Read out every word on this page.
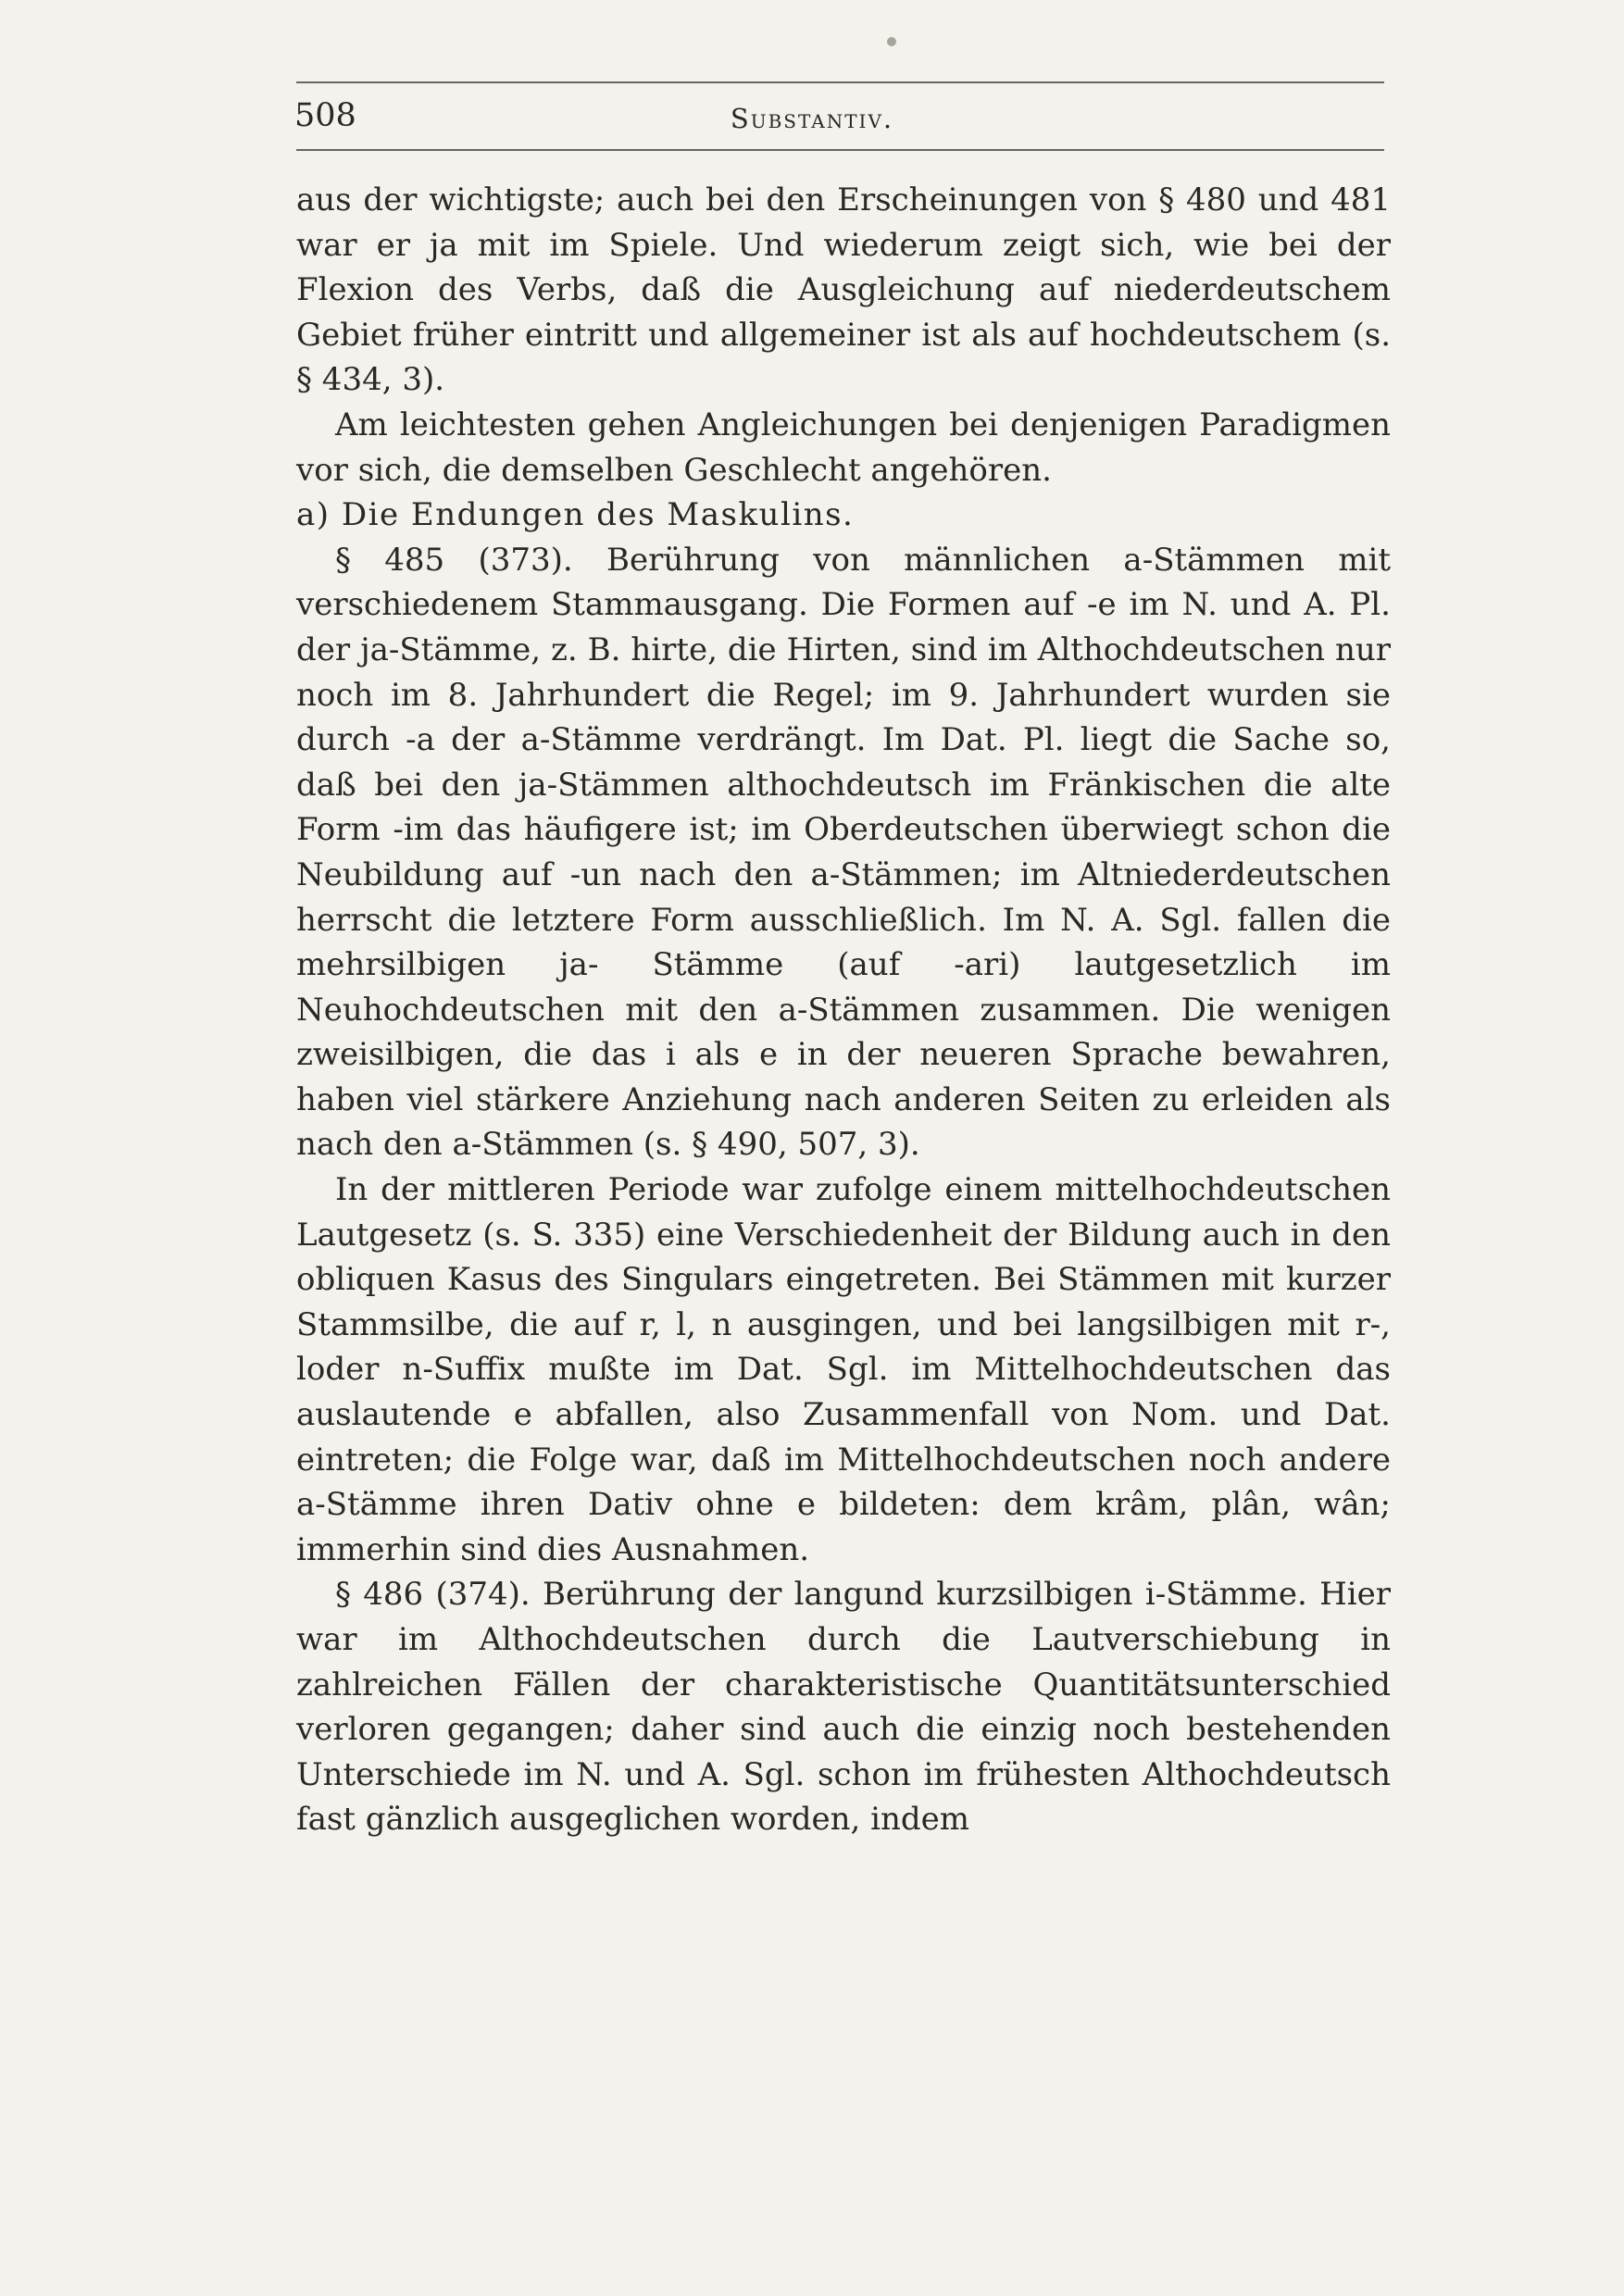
508	Substantiv.

aus der wichtigste; auch bei den Erscheinungen von § 480 und 481 war er ja mit im Spiele. Und wiederum zeigt sich, wie bei der Flexion des Verbs, daß die Ausgleichung auf niederdeutschem Gebiet früher eintritt und allgemeiner ist als auf hochdeutschem (s. § 434, 3).

Am leichtesten gehen Angleichungen bei denjenigen Paradigmen vor sich, die demselben Geschlecht angehören.

a) Die Endungen des Maskulins.

§ 485 (373). Berührung von männlichen a-Stämmen mit verschiedenem Stammausgang. Die Formen auf -e im N. und A. Pl. der ja-Stämme, z. B. hirte, die Hirten, sind im Althochdeutschen nur noch im 8. Jahrhundert die Regel; im 9. Jahrhundert wurden sie durch -a der a-Stämme verdrängt. Im Dat. Pl. liegt die Sache so, daß bei den ja-Stämmen althochdeutsch im Fränkischen die alte Form -im das häufigere ist; im Oberdeutschen überwiegt schon die Neubildung auf -un nach den a-Stämmen; im Altniederdeutschen herrscht die letztere Form ausschließlich. Im N. A. Sgl. fallen die mehrsilbigen ja- Stämme (auf -ari) lautgesetzlich im Neuhochdeutschen mit den a-Stämmen zusammen. Die wenigen zweisilbigen, die das i als e in der neueren Sprache bewahren, haben viel stärkere Anziehung nach anderen Seiten zu erleiden als nach den a-Stämmen (s. § 490, 507, 3).

In der mittleren Periode war zufolge einem mittelhochdeutschen Lautgesetz (s. S. 335) eine Verschiedenheit der Bildung auch in den obliquen Kasus des Singulars eingetreten. Bei Stämmen mit kurzer Stammsilbe, die auf r, l, n ausgingen, und bei langsilbigen mit r-, loder n-Suffix mußte im Dat. Sgl. im Mittelhochdeutschen das auslautende e abfallen, also Zusammenfall von Nom. und Dat. eintreten; die Folge war, daß im Mittelhochdeutschen noch andere a-Stämme ihren Dativ ohne e bildeten: dem krâm, plân, wân; immerhin sind dies Ausnahmen.

§ 486 (374). Berührung der langund kurzsilbigen i-Stämme. Hier war im Althochdeutschen durch die Lautverschiebung in zahlreichen Fällen der charakteristische Quantitätsunterschied verloren gegangen; daher sind auch die einzig noch bestehenden Unterschiede im N. und A. Sgl. schon im frühesten Althochdeutsch fast gänzlich ausgeglichen worden, indem
